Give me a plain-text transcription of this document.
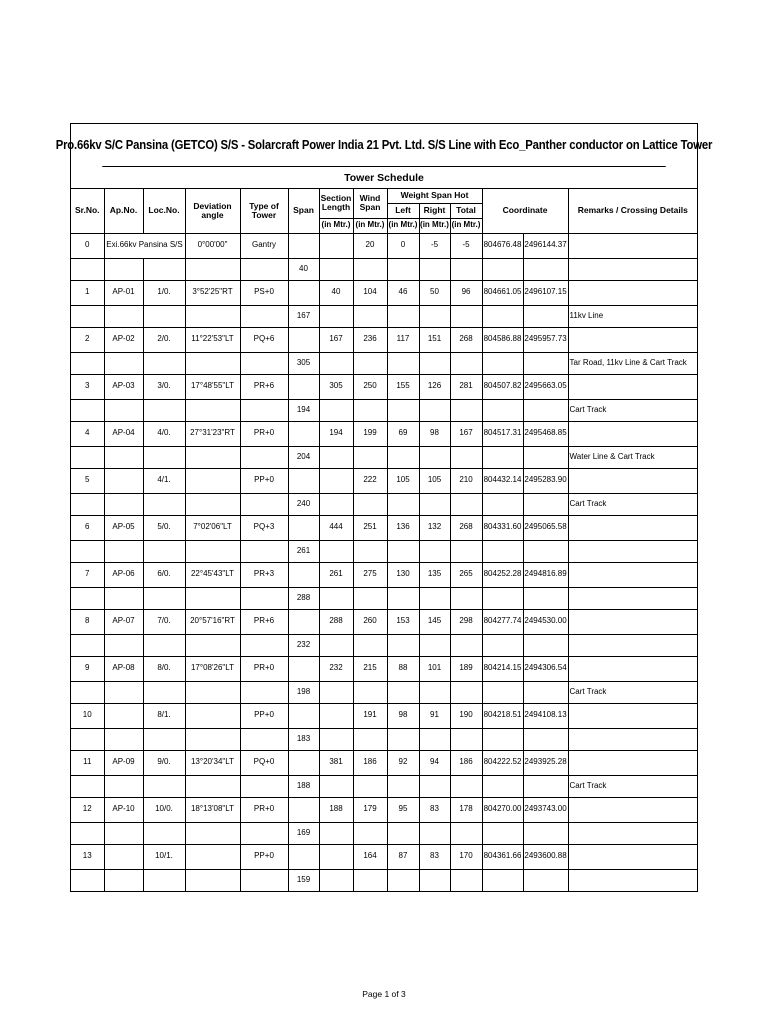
Pro.66kv S/C Pansina (GETCO) S/S - Solarcraft Power India 21 Pvt. Ltd. S/S Line with Eco_Panther conductor on Lattice Tower
Tower Schedule
Sr.No.	Ap.No.	Loc.No.	Deviation angle	Type of Tower	Span	Section Length	Wind Span	Weight Span Hot			Coordinate		Remarks / Crossing Details
								Left	Right	Total			
						(in Mtr.)	(in Mtr.)	(in Mtr.)	(in Mtr.)	(in Mtr.)			
0	Exi.66kv Pansina S/S		0°00'00"	Gantry			20	0	-5	-5	804676.48	2496144.37	
					40								
1	AP-01	1/0.	3°52'25"RT	PS+0		40	104	46	50	96	804661.05	2496107.15	
					167								11kv Line
2	AP-02	2/0.	11°22'53"LT	PQ+6		167	236	117	151	268	804586.88	2495957.73	
					305								Tar Road, 11kv Line & Cart Track
3	AP-03	3/0.	17°48'55"LT	PR+6		305	250	155	126	281	804507.82	2495663.05	
					194								Cart Track
4	AP-04	4/0.	27°31'23"RT	PR+0		194	199	69	98	167	804517.31	2495468.85	
					204								Water Line & Cart Track
5		4/1.		PP+0			222	105	105	210	804432.14	2495283.90	
					240								Cart Track
6	AP-05	5/0.	7°02'06"LT	PQ+3		444	251	136	132	268	804331.60	2495065.58	
					261								
7	AP-06	6/0.	22°45'43"LT	PR+3		261	275	130	135	265	804252.28	2494816.89	
					288								
8	AP-07	7/0.	20°57'16"RT	PR+6		288	260	153	145	298	804277.74	2494530.00	
					232								
9	AP-08	8/0.	17°08'26"LT	PR+0		232	215	88	101	189	804214.15	2494306.54	
					198								Cart Track
10		8/1.		PP+0			191	98	91	190	804218.51	2494108.13	
					183								
11	AP-09	9/0.	13°20'34"LT	PQ+0		381	186	92	94	186	804222.52	2493925.28	
					188								Cart Track
12	AP-10	10/0.	18°13'08"LT	PR+0		188	179	95	83	178	804270.00	2493743.00	
					169								
13		10/1.		PP+0			164	87	83	170	804361.66	2493600.88	
					159								
Page 1 of 3
